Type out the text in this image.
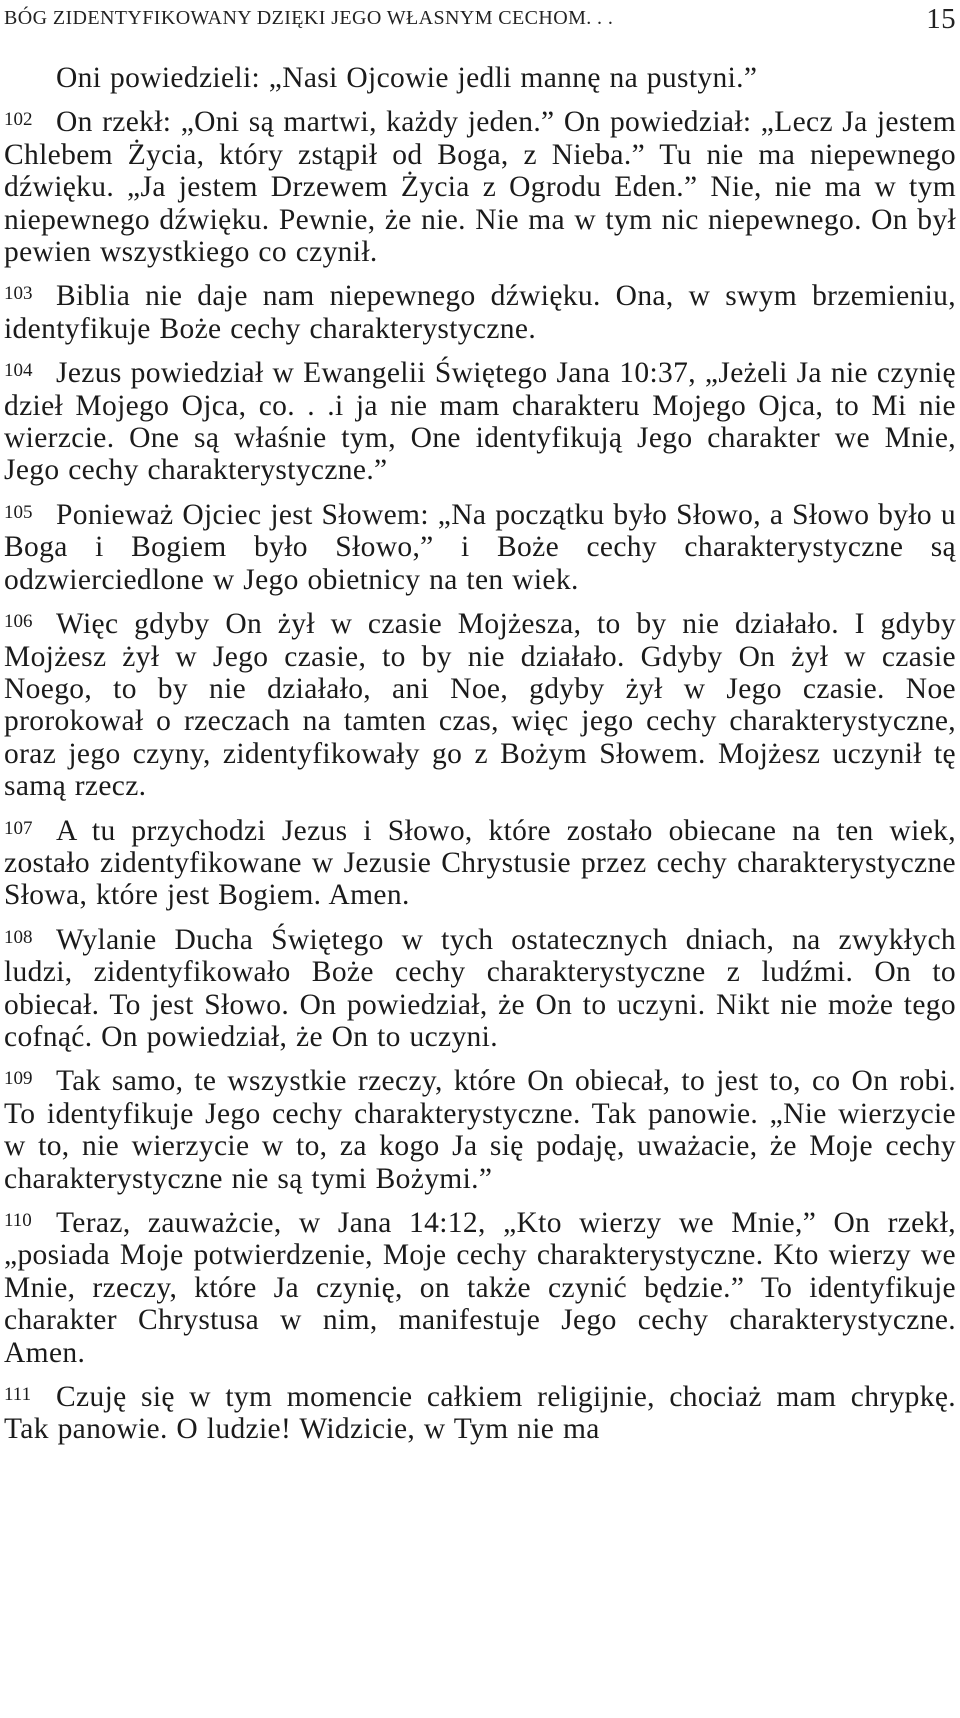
BÓG ZIDENTYFIKOWANY DZIĘKI JEGO WŁASNYM CECHOM. . .	15

Oni powiedzieli: „Nasi Ojcowie jedli mannę na pustyni.”

102 On rzekł: „Oni są martwi, każdy jeden.” On powiedział: „Lecz Ja jestem Chlebem Życia, który zstąpił od Boga, z Nieba.” Tu nie ma niepewnego dźwięku. „Ja jestem Drzewem Życia z Ogrodu Eden.” Nie, nie ma w tym niepewnego dźwięku. Pewnie, że nie. Nie ma w tym nic niepewnego. On był pewien wszystkiego co czynił.

103 Biblia nie daje nam niepewnego dźwięku. Ona, w swym brzemieniu, identyfikuje Boże cechy charakterystyczne.

104 Jezus powiedział w Ewangelii Świętego Jana 10:37, „Jeżeli Ja nie czynię dzieł Mojego Ojca, co. . .i ja nie mam charakteru Mojego Ojca, to Mi nie wierzcie. One są właśnie tym, One identyfikują Jego charakter we Mnie, Jego cechy charakterystyczne.”

105 Ponieważ Ojciec jest Słowem: „Na początku było Słowo, a Słowo było u Boga i Bogiem było Słowo,” i Boże cechy charakterystyczne są odzwierciedlone w Jego obietnicy na ten wiek.

106 Więc gdyby On żył w czasie Mojżesza, to by nie działało. I gdyby Mojżesz żył w Jego czasie, to by nie działało. Gdyby On żył w czasie Noego, to by nie działało, ani Noe, gdyby żył w Jego czasie. Noe prorokował o rzeczach na tamten czas, więc jego cechy charakterystyczne, oraz jego czyny, zidentyfikowały go z Bożym Słowem. Mojżesz uczynił tę samą rzecz.

107 A tu przychodzi Jezus i Słowo, które zostało obiecane na ten wiek, zostało zidentyfikowane w Jezusie Chrystusie przez cechy charakterystyczne Słowa, które jest Bogiem. Amen.

108 Wylanie Ducha Świętego w tych ostatecznych dniach, na zwykłych ludzi, zidentyfikowało Boże cechy charakterystyczne z ludźmi. On to obiecał. To jest Słowo. On powiedział, że On to uczyni. Nikt nie może tego cofnąć. On powiedział, że On to uczyni.

109 Tak samo, te wszystkie rzeczy, które On obiecał, to jest to, co On robi. To identyfikuje Jego cechy charakterystyczne. Tak panowie. „Nie wierzycie w to, nie wierzycie w to, za kogo Ja się podaję, uważacie, że Moje cechy charakterystyczne nie są tymi Bożymi.”

110 Teraz, zauważcie, w Jana 14:12, „Kto wierzy we Mnie,” On rzekł, „posiada Moje potwierdzenie, Moje cechy charakterystyczne. Kto wierzy we Mnie, rzeczy, które Ja czynię, on także czynić będzie.” To identyfikuje charakter Chrystusa w nim, manifestuje Jego cechy charakterystyczne. Amen.

111 Czuję się w tym momencie całkiem religijnie, chociaż mam chrypkę. Tak panowie. O ludzie! Widzicie, w Tym nie ma
